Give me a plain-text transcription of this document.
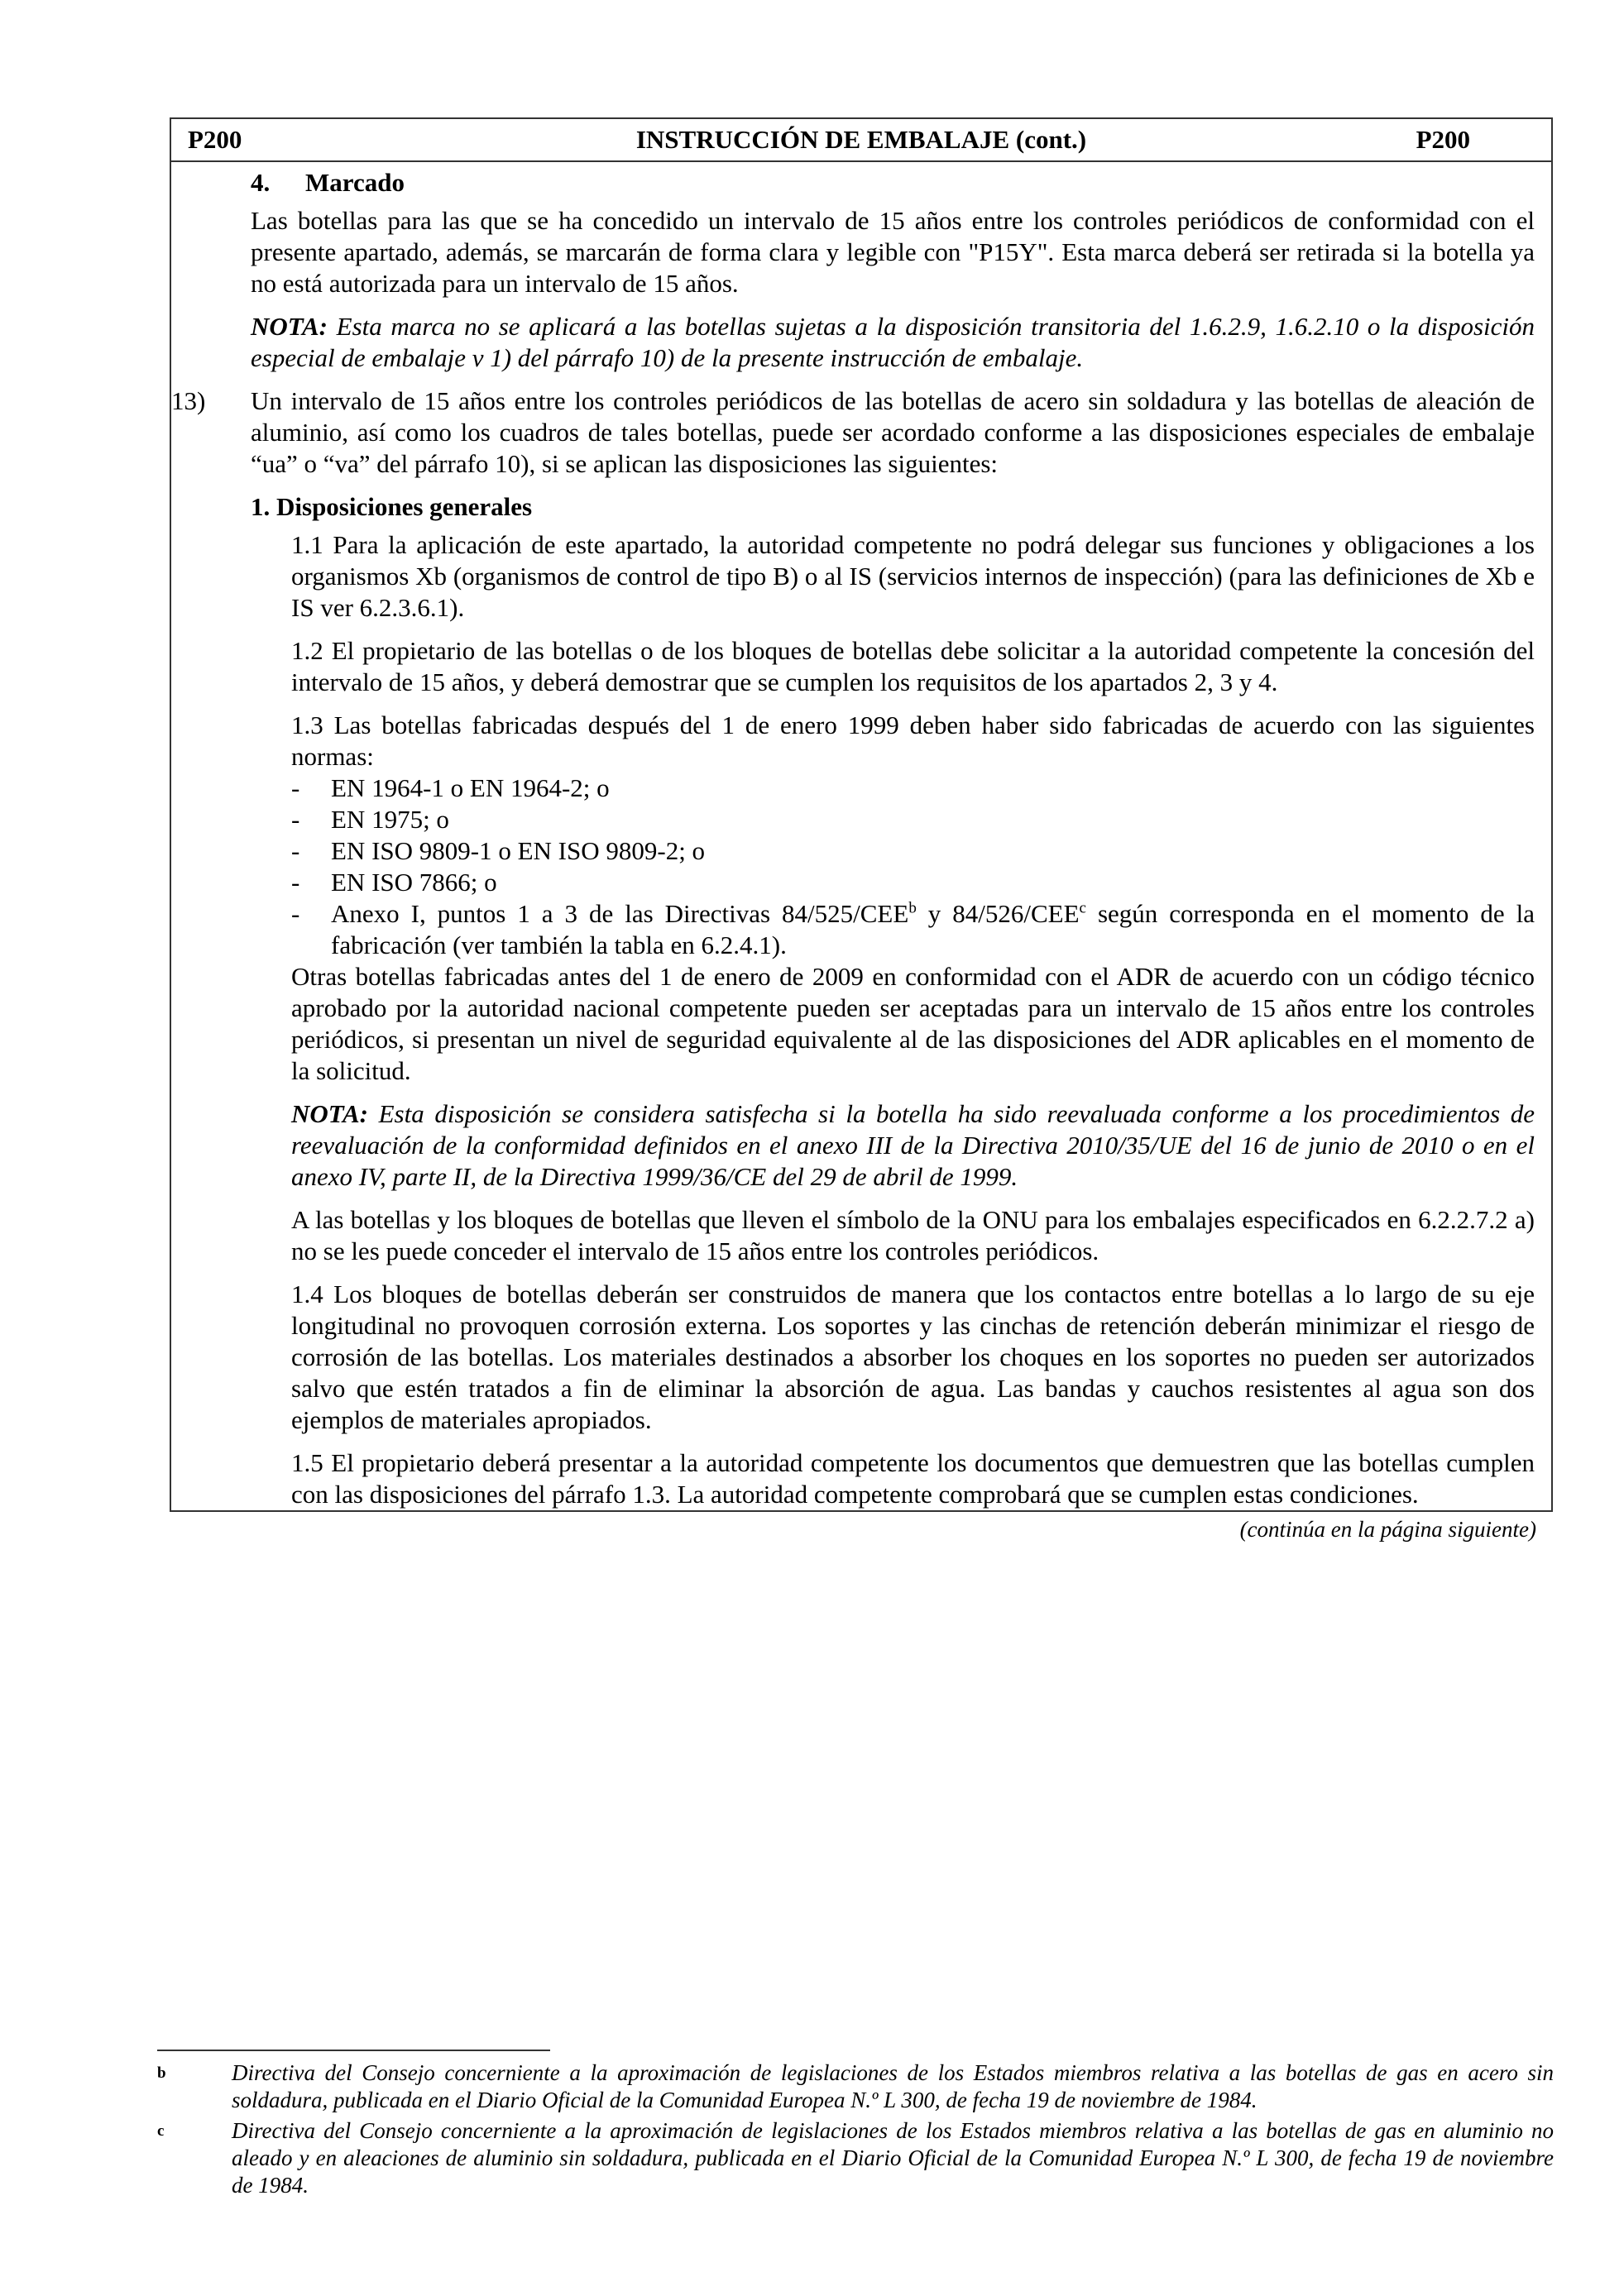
P200	INSTRUCCIÓN DE EMBALAJE (cont.)	P200
4. Marcado

Las botellas para las que se ha concedido un intervalo de 15 años entre los controles periódicos de conformidad con el presente apartado, además, se marcarán de forma clara y legible con "P15Y". Esta marca deberá ser retirada si la botella ya no está autorizada para un intervalo de 15 años.

NOTA: Esta marca no se aplicará a las botellas sujetas a la disposición transitoria del 1.6.2.9, 1.6.2.10 o la disposición especial de embalaje v 1) del párrafo 10) de la presente instrucción de embalaje.

13) Un intervalo de 15 años entre los controles periódicos de las botellas de acero sin soldadura y las botellas de aleación de aluminio, así como los cuadros de tales botellas, puede ser acordado conforme a las disposiciones especiales de embalaje “ua” o “va” del párrafo 10), si se aplican las disposiciones las siguientes:

1. Disposiciones generales

1.1 Para la aplicación de este apartado, la autoridad competente no podrá delegar sus funciones y obligaciones a los organismos Xb (organismos de control de tipo B) o al IS (servicios internos de inspección) (para las definiciones de Xb e IS ver 6.2.3.6.1).

1.2 El propietario de las botellas o de los bloques de botellas debe solicitar a la autoridad competente la concesión del intervalo de 15 años, y deberá demostrar que se cumplen los requisitos de los apartados 2, 3 y 4.

1.3 Las botellas fabricadas después del 1 de enero 1999 deben haber sido fabricadas de acuerdo con las siguientes normas:

- EN 1964-1 o EN 1964-2; o
- EN 1975; o
- EN ISO 9809-1 o EN ISO 9809-2; o
- EN ISO 7866; o
- Anexo I, puntos 1 a 3 de las Directivas 84/525/CEE$^b$ y 84/526/CEE$^c$ según corresponda en el momento de la fabricación (ver también la tabla en 6.2.4.1).

Otras botellas fabricadas antes del 1 de enero de 2009 en conformidad con el ADR de acuerdo con un código técnico aprobado por la autoridad nacional competente pueden ser aceptadas para un intervalo de 15 años entre los controles periódicos, si presentan un nivel de seguridad equivalente al de las disposiciones del ADR aplicables en el momento de la solicitud.

NOTA: Esta disposición se considera satisfecha si la botella ha sido reevaluada conforme a los procedimientos de reevaluación de la conformidad definidos en el anexo III de la Directiva 2010/35/UE del 16 de junio de 2010 o en el anexo IV, parte II, de la Directiva 1999/36/CE del 29 de abril de 1999.

A las botellas y los bloques de botellas que lleven el símbolo de la ONU para los embalajes especificados en 6.2.2.7.2 a) no se les puede conceder el intervalo de 15 años entre los controles periódicos.

1.4 Los bloques de botellas deberán ser construidos de manera que los contactos entre botellas a lo largo de su eje longitudinal no provoquen corrosión externa. Los soportes y las cinchas de retención deberán minimizar el riesgo de corrosión de las botellas. Los materiales destinados a absorber los choques en los soportes no pueden ser autorizados salvo que estén tratados a fin de eliminar la absorción de agua. Las bandas y cauchos resistentes al agua son dos ejemplos de materiales apropiados.

1.5 El propietario deberá presentar a la autoridad competente los documentos que demuestren que las botellas cumplen con las disposiciones del párrafo 1.3. La autoridad competente comprobará que se cumplen estas condiciones.

(continúa en la página siguiente)
b	Directiva del Consejo concerniente a la aproximación de legislaciones de los Estados miembros relativa a las botellas de gas en acero sin soldadura, publicada en el Diario Oficial de la Comunidad Europea N.º L 300, de fecha 19 de noviembre de 1984.
c	Directiva del Consejo concerniente a la aproximación de legislaciones de los Estados miembros relativa a las botellas de gas en aluminio no aleado y en aleaciones de aluminio sin soldadura, publicada en el Diario Oficial de la Comunidad Europea N.º L 300, de fecha 19 de noviembre de 1984.
